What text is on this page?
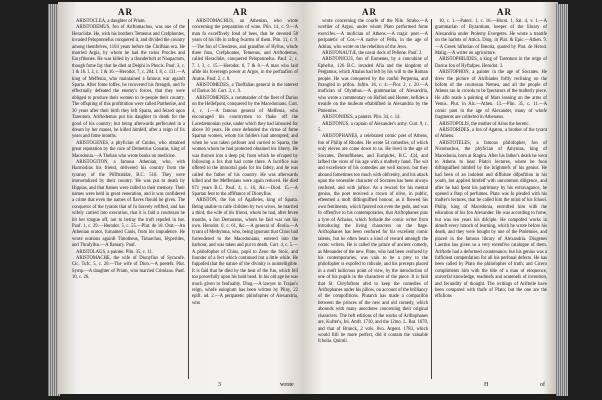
AR	AR

ARISTOCLEA, a daughter of Priam.

ARISTODEMUS, fon of Ariftomachus, was one of the Heraclidæ. He, with his brothers Temenus and Crefphontes, invaded Peloponnefus conquered it, and divided the country among themfelves, 1104 years before the Chriftian era. He married Argia, by whom he had the twins Procles and Euryfthenes. He was killed by a thunderbolt at Naupactum, though fome fay that he died at Delphi in Phocis. Pauf. 3, c. 1 & 16. l. 3, c. 1 & 16.—Herodot. 7, c. 204. l. 8, c. 131.—A king of Meffenia, who maintained a famous war againft Sparta. After fome loffes, he recovered his ftrength, and fo effectually defeated the enemy's forces, that they were obliged to produce their women to re-people their country. The offspring of this proftitution were called Partheniæ, and 30 years after their birth they left Sparta, and feized upon Tarentum. Ariftodemus put his daughter to death for the good of his country; but being afterwards perfecuted in a dream by her manes, he killed himfelf, after a reign of fix years and fome months.

ARISTOGENES, a phyfician of Cnidos, who obtained great reputation by the cure of Demetrius Gonatas, king of Macedonia.—A Theban who wrote books on medicine.

ARISTOGITON, a famous Athenian, who, with Harmodius his friend, delivered his country from the tyranny of the Pififtratidæ, B.C. 510. They were immortalized by their country. He was put to death by Hippias, and that ftatues were raifed to their memory. Their names were held in great veneration, and it was confidered a crime that even the names of flaves fhould be given. The conqueror of the tyrants that of fo bravely refifted, and has wifely carried into execution, that it is faid a courtezan he bit her tongue off, not to betray the truft repofed in her. Pauf. 1, c. 29.—Herodot. 5, c. 55.—Plut. de 10. Orat.—An Athenian orator, furnamed Canis, from his impudence. He wrote orations againft Timotheus, Timarchus, Hyperides, and Thrafyllus.—A flatuary. Pauf.

ARISTOLAUS, a painter. Plin. 35, c. 11.

ARISTOMACHE, the wife of Dionyfius of Syracufe. Cic. Tufc. 5, c. 20.—The wife of Dion.—A poetefs. Plut. Symp.—A daughter of Priam, who married Critolaus. Pauf. 10, c. 26.

ARISTOMACHUS, an Athenian, who wrote concerning the preparation of wine. Plin. 14, c. 9.—A man fo exceffively fond of bees, that he devoted 58 years of his life in rafing fwarms of them. Plin. 11, c. 9.—The fon of Cleodæus, and grandfon of Hyllus, whofe three fons, Crefphontes, Temenus, and Ariftodemus, called Heraclidæ, conquered Peloponnefus. Pauf. 2, c. 7. l. 3, c. 15.—Herodot. 6, 7 & 8.—A man who laid afide his fovereign power at Argos, in the perfuafion of Aratus. Pauf. 2, c. 8.

ARISTOMEDES, a Theffalian general in the interest of Darius 3d. Curt. 3, c. 9.

ARISTOMENES, a commander of the fleet of Darius on the Hellefpont, conquered by the Macedonians. Curt. 4, c. 1.—A famous general of Meffenia, who encouraged his countrymen to fhake off the Lacedæmonian yoke, under which they had laboured for above 30 years. He once defended the virtue of fome Spartan women, whom his foldiers had attempted; and when he was taken prifoner and carried to Sparta, the women whom he had protected obtained his liberty. He was thrown into a deep pit, from which he efcaped by following a fox that had come there. A facrifice was offered to the immortal gods for his fafety, and he was called the father of his country. He was afterwards killed and the Meffenians were again reduced. He died 671 years B.C. Pauf. 4, c. 16, &c.—Diod. 15.—A Spartan fent to the affiftance of Dionyfius.

ARISTON, the fon of Agafieles, king of Sparta. Being unable to raife children by two wives, he married a third, the wife of his friend, whom he had, after feven months, a fon Demaratus, whom he faid was not his own. Herodot. 6, c. 61, &c.—A general of Ætolia.—A tyrant of Methymna, who, being ignorant that Chios had furrendered to the Macedonians, entered into the harbour, and was taken and put to death. Curt. 4, c. 5.—A philofopher of Chios, pupil to Zeno the Stoic, and founder of a fect which continued but a little while. He fuppofed that the nature of the divinity is unintelligible. It is faid that he died by the heat of the fun, which fell too powerfully upon his bald head. In his old age he was much given to fenfuality. Diog.—A lawyer in Trajan's reign, whofe eulogium has been written by Pliny, 22 epift. ad. 2.—A peripatetic philofopher of Alexandria, who

3	wrote
AR	AR

wrote concerning the courfe of the Nile. Strabo.—A wreftler of Argos, under whom Plato performed fome exercifes.—A mufician of Athens.—A tragic poet.—A peripatetic of Cos.—A native of Pella, in the age of Adrian, who wrote on the rebellion of the Jews.

ARISTONAUTÆ, the naval dock of Pellene. Pauf. 2.

ARISTONICUS, fon of Eumenes, by a concubine of Ephefus, 126 B.C. invaded Afia and the kingdom of Pergamus, which Attalus had left by his will to the Roman people. He was conquered by the conful Perpenna, and ftrangled in prifon. Juftin. 36, c. 4.—Flor. 2, c. 20.—A mufician of Olynthus.—A grammarian of Alexandria, who wrote a commentary on Hefiod and Homer, befides a treatife on the mufeum eftablifhed in Alexandria by the Ptolemies.

ARISTONIDES, a painter. Plin. 34, c. 14.

ARISTONUS, a captain of Alexander's army. Curt. 9, c. 5.

ARISTOPHANES, a celebrated comic poet of Athens, fon of Philip of Rhodes. He wrote 54 comedies, of which only eleven are come down to us. He lived in the age of Socrates, Demofthenes, and Euripides, B.C. 434, and lafhed the vices of his age with a mafterly hand. The wit and excellence of his comedies are well known; but they abound fometimes too much with obfcenity, and his attack upon the venerable character of Socrates has been always cenfured, and with juftice. As a reward for his mental genius, the poet received a crown of olive, in public, efteemed a moft diftinguifhed honour, as it fhewed his own fentiments, which fpurred not even the gods, and was fo offenfive to his contemporaries, that Ariftophanes puts a lyre of Achaius, which forbade the comic writer from introducing the living characters on the ftage. Ariftophanes has been cenfured for his excellent comic talents, but he often bears a kind of reward amongft the comic writers. He is called the prince of ancient comedy, as Menander of the new. Plato, who had been cenfured by his contemporaries, was vain to be a prey to the philofopher is expofed to ridicule, and his precepts placed in a moft ludicrous point of view, by the introduction of one of his pupils in the characters of the piece. It is faid that St. Chryfoftom ufed to keep the comedies of Ariftophanes under his pillow, on account of the brilliancy of the compofitions. Plutarch has made a comparifon between the princes of the new and old comedy, which abounds with many anecdotes concerning their original characters. The beft editions of the works of Ariftophanes are, Kufter's, fol. Amft. 1710, and the 12mo. L. Bat. 1670, and that of Brunck, 2 vols. 8vo. Argent. 1783, which would ftill be more perfect, did it contain the valuable fcholia. Quintil.

10, c. 1.—Paterc. 1, c. 16.—Horat. 1, Sat. 4, v. 1.—A grammarian of Byzantium, keeper of the library of Alexandria under Ptolemy Evergetes. He wrote a treatife on the harlots of Attica. Diog. in Plat. & Epic.—Athen. 9.—A Greek hiftorian of Bœotia, quoted by Plut. de Herod. Malig.—A writer on agriculture.

ARISTOPHILIDES, a king of Tarentum in the reign of Darius fon of Hyftafpes. Herodot. 3.

ARISTOPHON, a painter in the age of Socrates. He drew the picture of Alcibiades foftly reclining on the bofom of the courtezan Nemea, and all the people of Athens ran in crowds to be fpectators of the mafterly piece. He alfo made a painting of Mars leaning on the arms of Venus. Plut. in Alc.—Athen. 13.—Plin. 35, c. 11.—A comic poet in the age of Alexander, many of whofe fragments are collected in Athenæus.

ARISTOPOLIS, the mother of Arius the heretic.

ARISTORIDES, a fon of Agaton, a brother of the tyrant of Athens.

ARISTOTELES, a famous philofopher, fon of Nicomachus, the phyfician of Amyntas, king of Macedonia, born at Stagira. After his father's death he went to Athens to hear Plato's lectures, where he foon diftinguifhed himfelf by the brightnefs of his genius. He had been of an indolent and diffolute difpofition in his youth, but applied himfelf with uncommon diligence, and after he had fpent his patrimony by his extravagance, he opened a fhop of perfumes. Plato was fo pleafed with his mafter's lectures, that he called him the mind of his fchool. Philip, king of Macedonia, entrufted him with the education of his fon Alexander. He was according to fome, but was ten years his difciple. He compofed works in almoft every branch of learning, which he wrote before his death, and they were bought by one of the Ptolemies, and placed in the famous library of Alexandria. Diogenes Laertius has given us a very extenfive catalogue of them. Ariftotle had a deformed countenance, but his genius was a fufficient compenfation for all his perfonal defects. He has been called by Plato the philofopher of truth; and Cicero compliments him with the title of a man of eloquence, univerfal knowledge, readinefs and acutenefs of invention, and fecundity of thought. The writings of Ariftotle have been compared with thofe of Plato; but the one are the effufions

H	of
